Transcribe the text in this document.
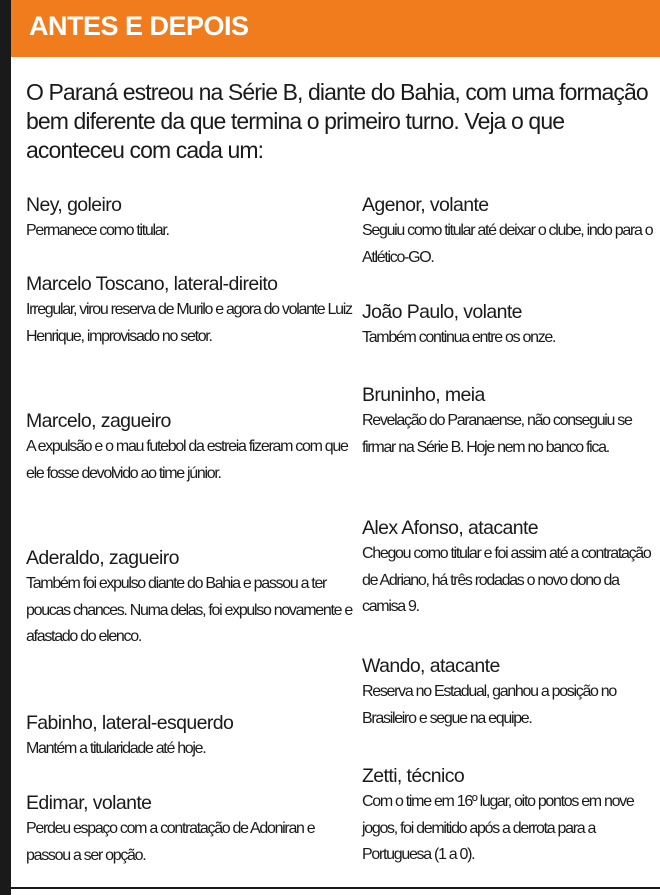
ANTES E DEPOIS

O Paraná estreou na Série B, diante do Bahia, com uma formação bem diferente da que termina o primeiro turno. Veja o que aconteceu com cada um:

Ney, goleiro

Permanece como titular.

Marcelo Toscano, lateral-direito

Irregular, virou reserva de Murilo e agora do volante Luiz Henrique, improvisado no setor.

Marcelo, zagueiro

A expulsão e o mau futebol da estreia fizeram com que ele fosse devolvido ao time júnior.

Aderaldo, zagueiro

Também foi expulso diante do Bahia e passou a ter poucas chances. Numa delas, foi expulso novamente e afastado do elenco.

Fabinho, lateral-esquerdo

Mantém a titularidade até hoje.

Edimar, volante

Perdeu espaço com a contratação de Adoniran e passou a ser opção.

Agenor, volante

Seguiu como titular até deixar o clube, indo para o Atlético-GO.

João Paulo, volante

Também continua entre os onze.

Bruninho, meia

Revelação do Paranaense, não conseguiu se firmar na Série B. Hoje nem no banco fica.

Alex Afonso, atacante

Chegou como titular e foi assim até a contratação de Adriano, há três rodadas o novo dono da camisa 9.

Wando, atacante

Reserva no Estadual, ganhou a posição no Brasileiro e segue na equipe.

Zetti, técnico

Com o time em 16º lugar, oito pontos em nove jogos, foi demitido após a derrota para a Portuguesa (1 a 0).
